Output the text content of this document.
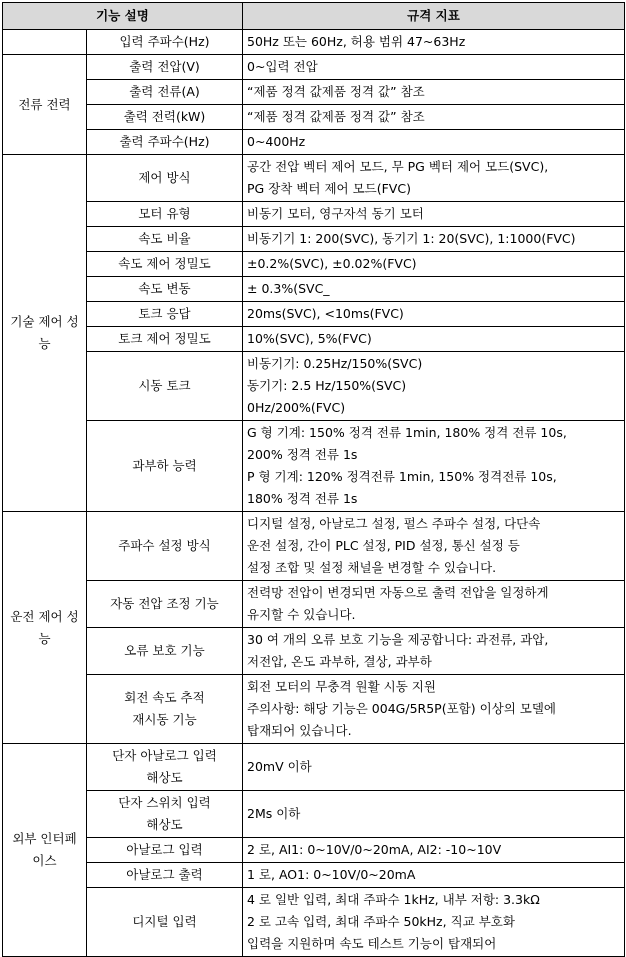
기능 설명		규격 지표

	입력 주파수(Hz)	50Hz 또는 60Hz, 허용 범위 47~63Hz

전류 전력	출력 전압(V)	0~입력 전압

	출력 전류(A)	“제품 정격 값제품 정격 값” 참조

	출력 전력(kW)	“제품 정격 값제품 정격 값” 참조

	출력 주파수(Hz)	0~400Hz

기술 제어 성능	제어 방식	공간 전압 벡터 제어 모드, 무 PG 벡터 제어 모드(SVC),
PG 장착 벡터 제어 모드(FVC)

	모터 유형	비동기 모터, 영구자석 동기 모터

	속도 비율	비동기기 1: 200(SVC), 동기기 1: 20(SVC), 1:1000(FVC)

	속도 제어 정밀도	±0.2%(SVC), ±0.02%(FVC)

	속도 변동	± 0.3%(SVC_

	토크 응답	20ms(SVC), <10ms(FVC)

	토크 제어 정밀도	10%(SVC), 5%(FVC)

	시동 토크	비동기기: 0.25Hz/150%(SVC)
동기기: 2.5 Hz/150%(SVC)
0Hz/200%(FVC)

	과부하 능력	G 형 기계: 150% 정격 전류 1min, 180% 정격 전류 10s,
200% 정격 전류 1s
P 형 기계: 120% 정격전류 1min, 150% 정격전류 10s,
180% 정격 전류 1s

운전 제어 성능	주파수 설정 방식	디지털 설정, 아날로그 설정, 펄스 주파수 설정, 다단속
운전 설정, 간이 PLC 설정, PID 설정, 통신 설정 등
설정 조합 및 설정 채널을 변경할 수 있습니다.

	자동 전압 조정 기능	전력망 전압이 변경되면 자동으로 출력 전압을 일정하게
유지할 수 있습니다.

	오류 보호 기능	30 여 개의 오류 보호 기능을 제공합니다: 과전류, 과압,
저전압, 온도 과부하, 결상, 과부하

	회전 속도 추적
재시동 기능	회전 모터의 무충격 원활 시동 지원
주의사항: 해당 기능은 004G/5R5P(포함) 이상의 모델에
탑재되어 있습니다.

외부 인터페이스	단자 아날로그 입력
해상도	20mV 이하

	단자 스위치 입력
해상도	2Ms 이하

	아날로그 입력	2 로, AI1: 0~10V/0~20mA, AI2: -10~10V

	아날로그 출력	1 로, AO1: 0~10V/0~20mA

	디지털 입력	4 로 일반 입력, 최대 주파수 1kHz, 내부 저항: 3.3kΩ
2 로 고속 입력, 최대 주파수 50kHz, 직교 부호화
입력을 지원하며 속도 테스트 기능이 탑재되어
